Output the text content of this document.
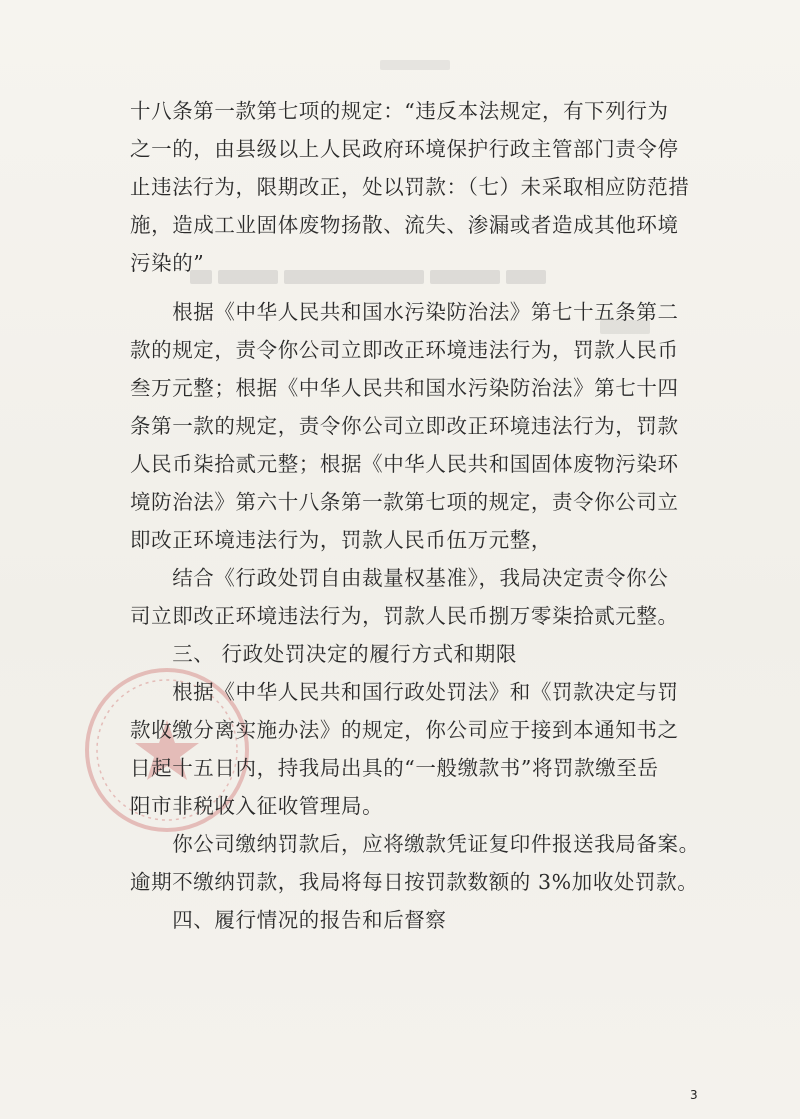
十八条第一款第七项的规定：“违反本法规定，有下列行为
之一的，由县级以上人民政府环境保护行政主管部门责令停
止违法行为，限期改正，处以罚款：（七）未采取相应防范措
施，造成工业固体废物扬散、流失、渗漏或者造成其他环境
污染的”
　　根据《中华人民共和国水污染防治法》第七十五条第二
款的规定，责令你公司立即改正环境违法行为，罚款人民币
叁万元整；根据《中华人民共和国水污染防治法》第七十四
条第一款的规定，责令你公司立即改正环境违法行为，罚款
人民币柒拾贰元整；根据《中华人民共和国固体废物污染环
境防治法》第六十八条第一款第七项的规定，责令你公司立
即改正环境违法行为，罚款人民币伍万元整，
　　结合《行政处罚自由裁量权基准》，我局决定责令你公
司立即改正环境违法行为，罚款人民币捌万零柒拾贰元整。
　　三、 行政处罚决定的履行方式和期限
　　根据《中华人民共和国行政处罚法》和《罚款决定与罚
款收缴分离实施办法》的规定，你公司应于接到本通知书之
日起十五日内，持我局出具的“一般缴款书”将罚款缴至岳
阳市非税收入征收管理局。
　　你公司缴纳罚款后，应将缴款凭证复印件报送我局备案。
逾期不缴纳罚款，我局将每日按罚款数额的 3%加收处罚款。
　　四、履行情况的报告和后督察
3
